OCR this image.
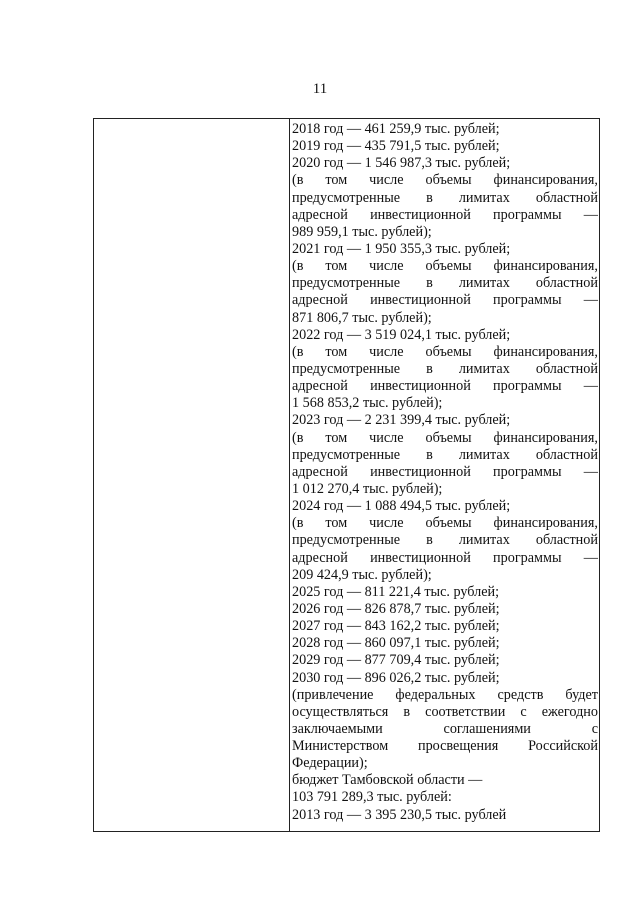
11
2018 год — 461 259,9 тыс. рублей;
2019 год — 435 791,5 тыс. рублей;
2020 год — 1 546 987,3 тыс. рублей;
(в том числе объемы финансирования,
предусмотренные в лимитах областной
адресной инвестиционной программы —
989 959,1 тыс. рублей);
2021 год — 1 950 355,3 тыс. рублей;
(в том числе объемы финансирования,
предусмотренные в лимитах областной
адресной инвестиционной программы —
871 806,7 тыс. рублей);
2022 год — 3 519 024,1 тыс. рублей;
(в том числе объемы финансирования,
предусмотренные в лимитах областной
адресной инвестиционной программы —
1 568 853,2 тыс. рублей);
2023 год — 2 231 399,4 тыс. рублей;
(в том числе объемы финансирования,
предусмотренные в лимитах областной
адресной инвестиционной программы —
1 012 270,4 тыс. рублей);
2024 год — 1 088 494,5 тыс. рублей;
(в том числе объемы финансирования,
предусмотренные в лимитах областной
адресной инвестиционной программы —
209 424,9 тыс. рублей);
2025 год — 811 221,4 тыс. рублей;
2026 год — 826 878,7 тыс. рублей;
2027 год — 843 162,2 тыс. рублей;
2028 год — 860 097,1 тыс. рублей;
2029 год — 877 709,4 тыс. рублей;
2030 год — 896 026,2 тыс. рублей;
(привлечение федеральных средств будет
осуществляться в соответствии с ежегодно
заключаемыми	соглашениями	с
Министерством просвещения Российской
Федерации);
бюджет Тамбовской области —
103 791 289,3 тыс. рублей:
2013 год — 3 395 230,5 тыс. рублей
